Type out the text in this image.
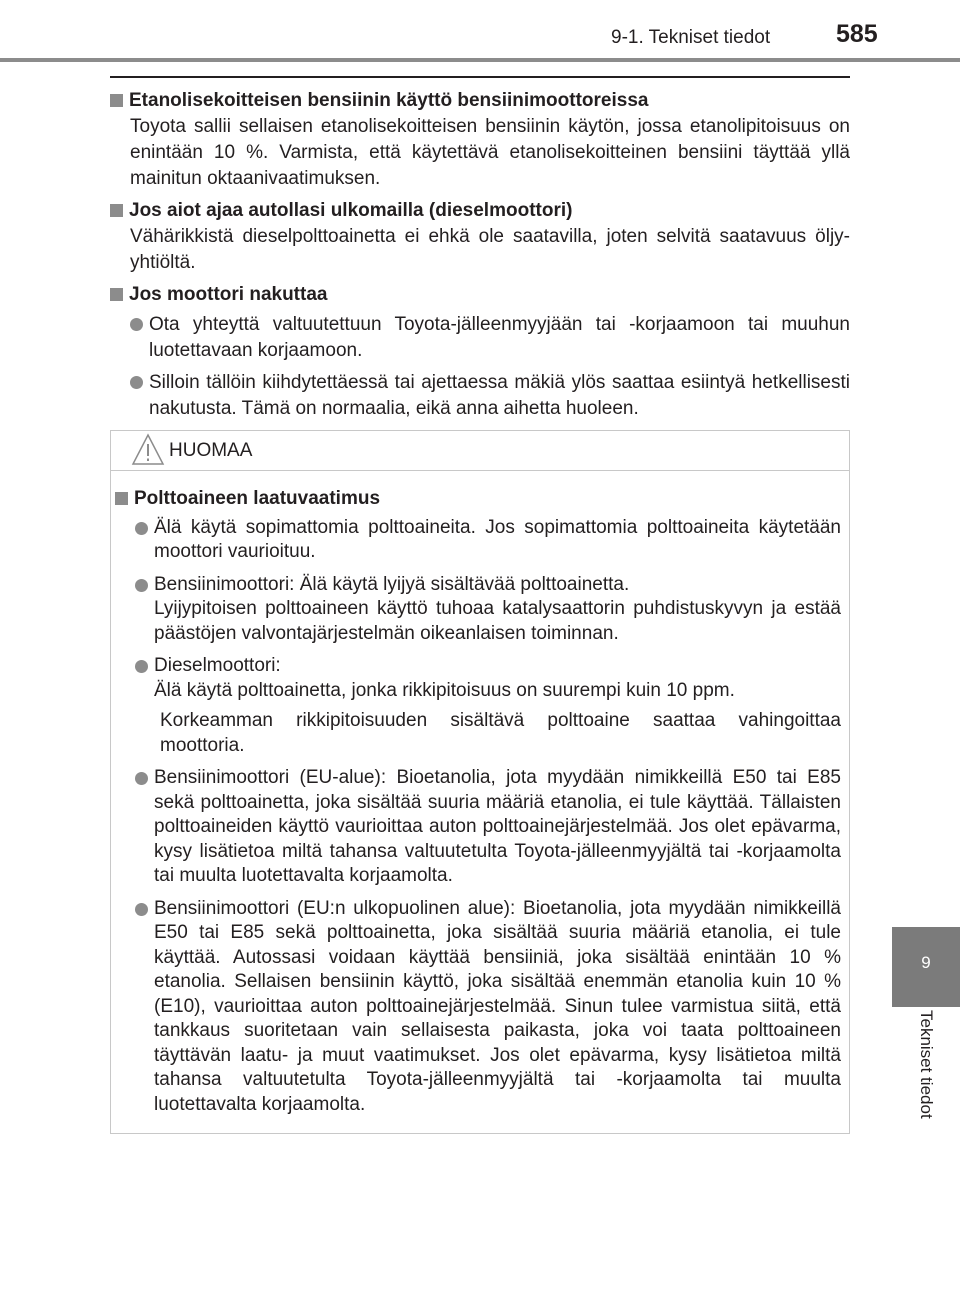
9-1. Tekniset tiedot	585
9
Tekniset tiedot
Etanolisekoitteisen bensiinin käyttö bensiinimoottoreissa
Toyota sallii sellaisen etanolisekoitteisen bensiinin käytön, jossa etanolipitoisuus on enintään 10 %. Varmista, että käytettävä etanolisekoitteinen bensiini täyttää yllä mainitun oktaanivaatimuksen.
Jos aiot ajaa autollasi ulkomailla (dieselmoottori)
Vähärikkistä dieselpolttoainetta ei ehkä ole saatavilla, joten selvitä saatavuus öljy-yhtiöltä.
Jos moottori nakuttaa
Ota yhteyttä valtuutettuun Toyota-jälleenmyyjään tai -korjaamoon tai muuhun luotettavaan korjaamoon.
Silloin tällöin kiihdytettäessä tai ajettaessa mäkiä ylös saattaa esiintyä hetkellisesti nakutusta. Tämä on normaalia, eikä anna aihetta huoleen.
HUOMAA
Polttoaineen laatuvaatimus
Älä käytä sopimattomia polttoaineita. Jos sopimattomia polttoaineita käytetään moottori vaurioituu.
Bensiinimoottori: Älä käytä lyijyä sisältävää polttoainetta.
Lyijypitoisen polttoaineen käyttö tuhoaa katalysaattorin puhdistuskyvyn ja estää päästöjen valvontajärjestelmän oikeanlaisen toiminnan.
Dieselmoottori:
Älä käytä polttoainetta, jonka rikkipitoisuus on suurempi kuin 10 ppm.
Korkeamman rikkipitoisuuden sisältävä polttoaine saattaa vahingoittaa moottoria.
Bensiinimoottori (EU-alue): Bioetanolia, jota myydään nimikkeillä E50 tai E85 sekä polttoainetta, joka sisältää suuria määriä etanolia, ei tule käyttää. Tällaisten polttoaineiden käyttö vaurioittaa auton polttoainejärjestelmää. Jos olet epävarma, kysy lisätietoa miltä tahansa valtuutetulta Toyota-jälleenmyyjältä tai -korjaamolta tai muulta luotettavalta korjaamolta.
Bensiinimoottori (EU:n ulkopuolinen alue): Bioetanolia, jota myydään nimikkeillä E50 tai E85 sekä polttoainetta, joka sisältää suuria määriä etanolia, ei tule käyttää. Autossasi voidaan käyttää bensiiniä, joka sisältää enintään 10 % etanolia. Sellaisen bensiinin käyttö, joka sisältää enemmän etanolia kuin 10 % (E10), vaurioittaa auton polttoainejärjestelmää. Sinun tulee varmistua siitä, että tankkaus suoritetaan vain sellaisesta paikasta, joka voi taata polttoaineen täyttävän laatu- ja muut vaatimukset. Jos olet epävarma, kysy lisätietoa miltä tahansa valtuutetulta Toyota-jälleenmyyjältä tai -korjaamolta tai muulta luotettavalta korjaamolta.
